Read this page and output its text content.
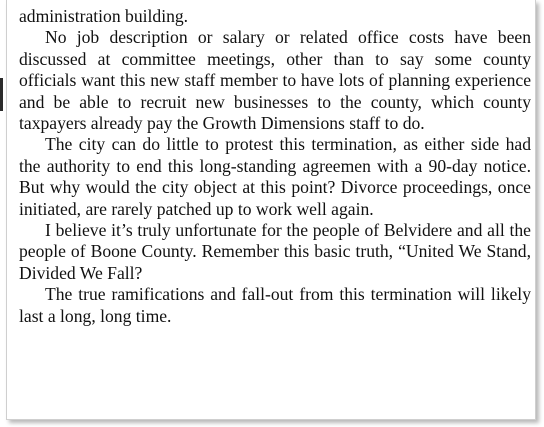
administration building.

No job description or salary or related office costs have been discussed at committee meetings, other than to say some county officials want this new staff member to have lots of planning experience and be able to recruit new businesses to the county, which county taxpayers already pay the Growth Dimensions staff to do.

The city can do little to protest this termination, as either side had the authority to end this long-standing agreemen with a 90-day notice. But why would the city object at this point? Divorce proceedings, once initiated, are rarely patched up to work well again.

I believe it’s truly unfortunate for the people of Belvidere and all the people of Boone County. Remember this basic truth, “United We Stand, Divided We Fall?

The true ramifications and fall-out from this termination will likely last a long, long time.
